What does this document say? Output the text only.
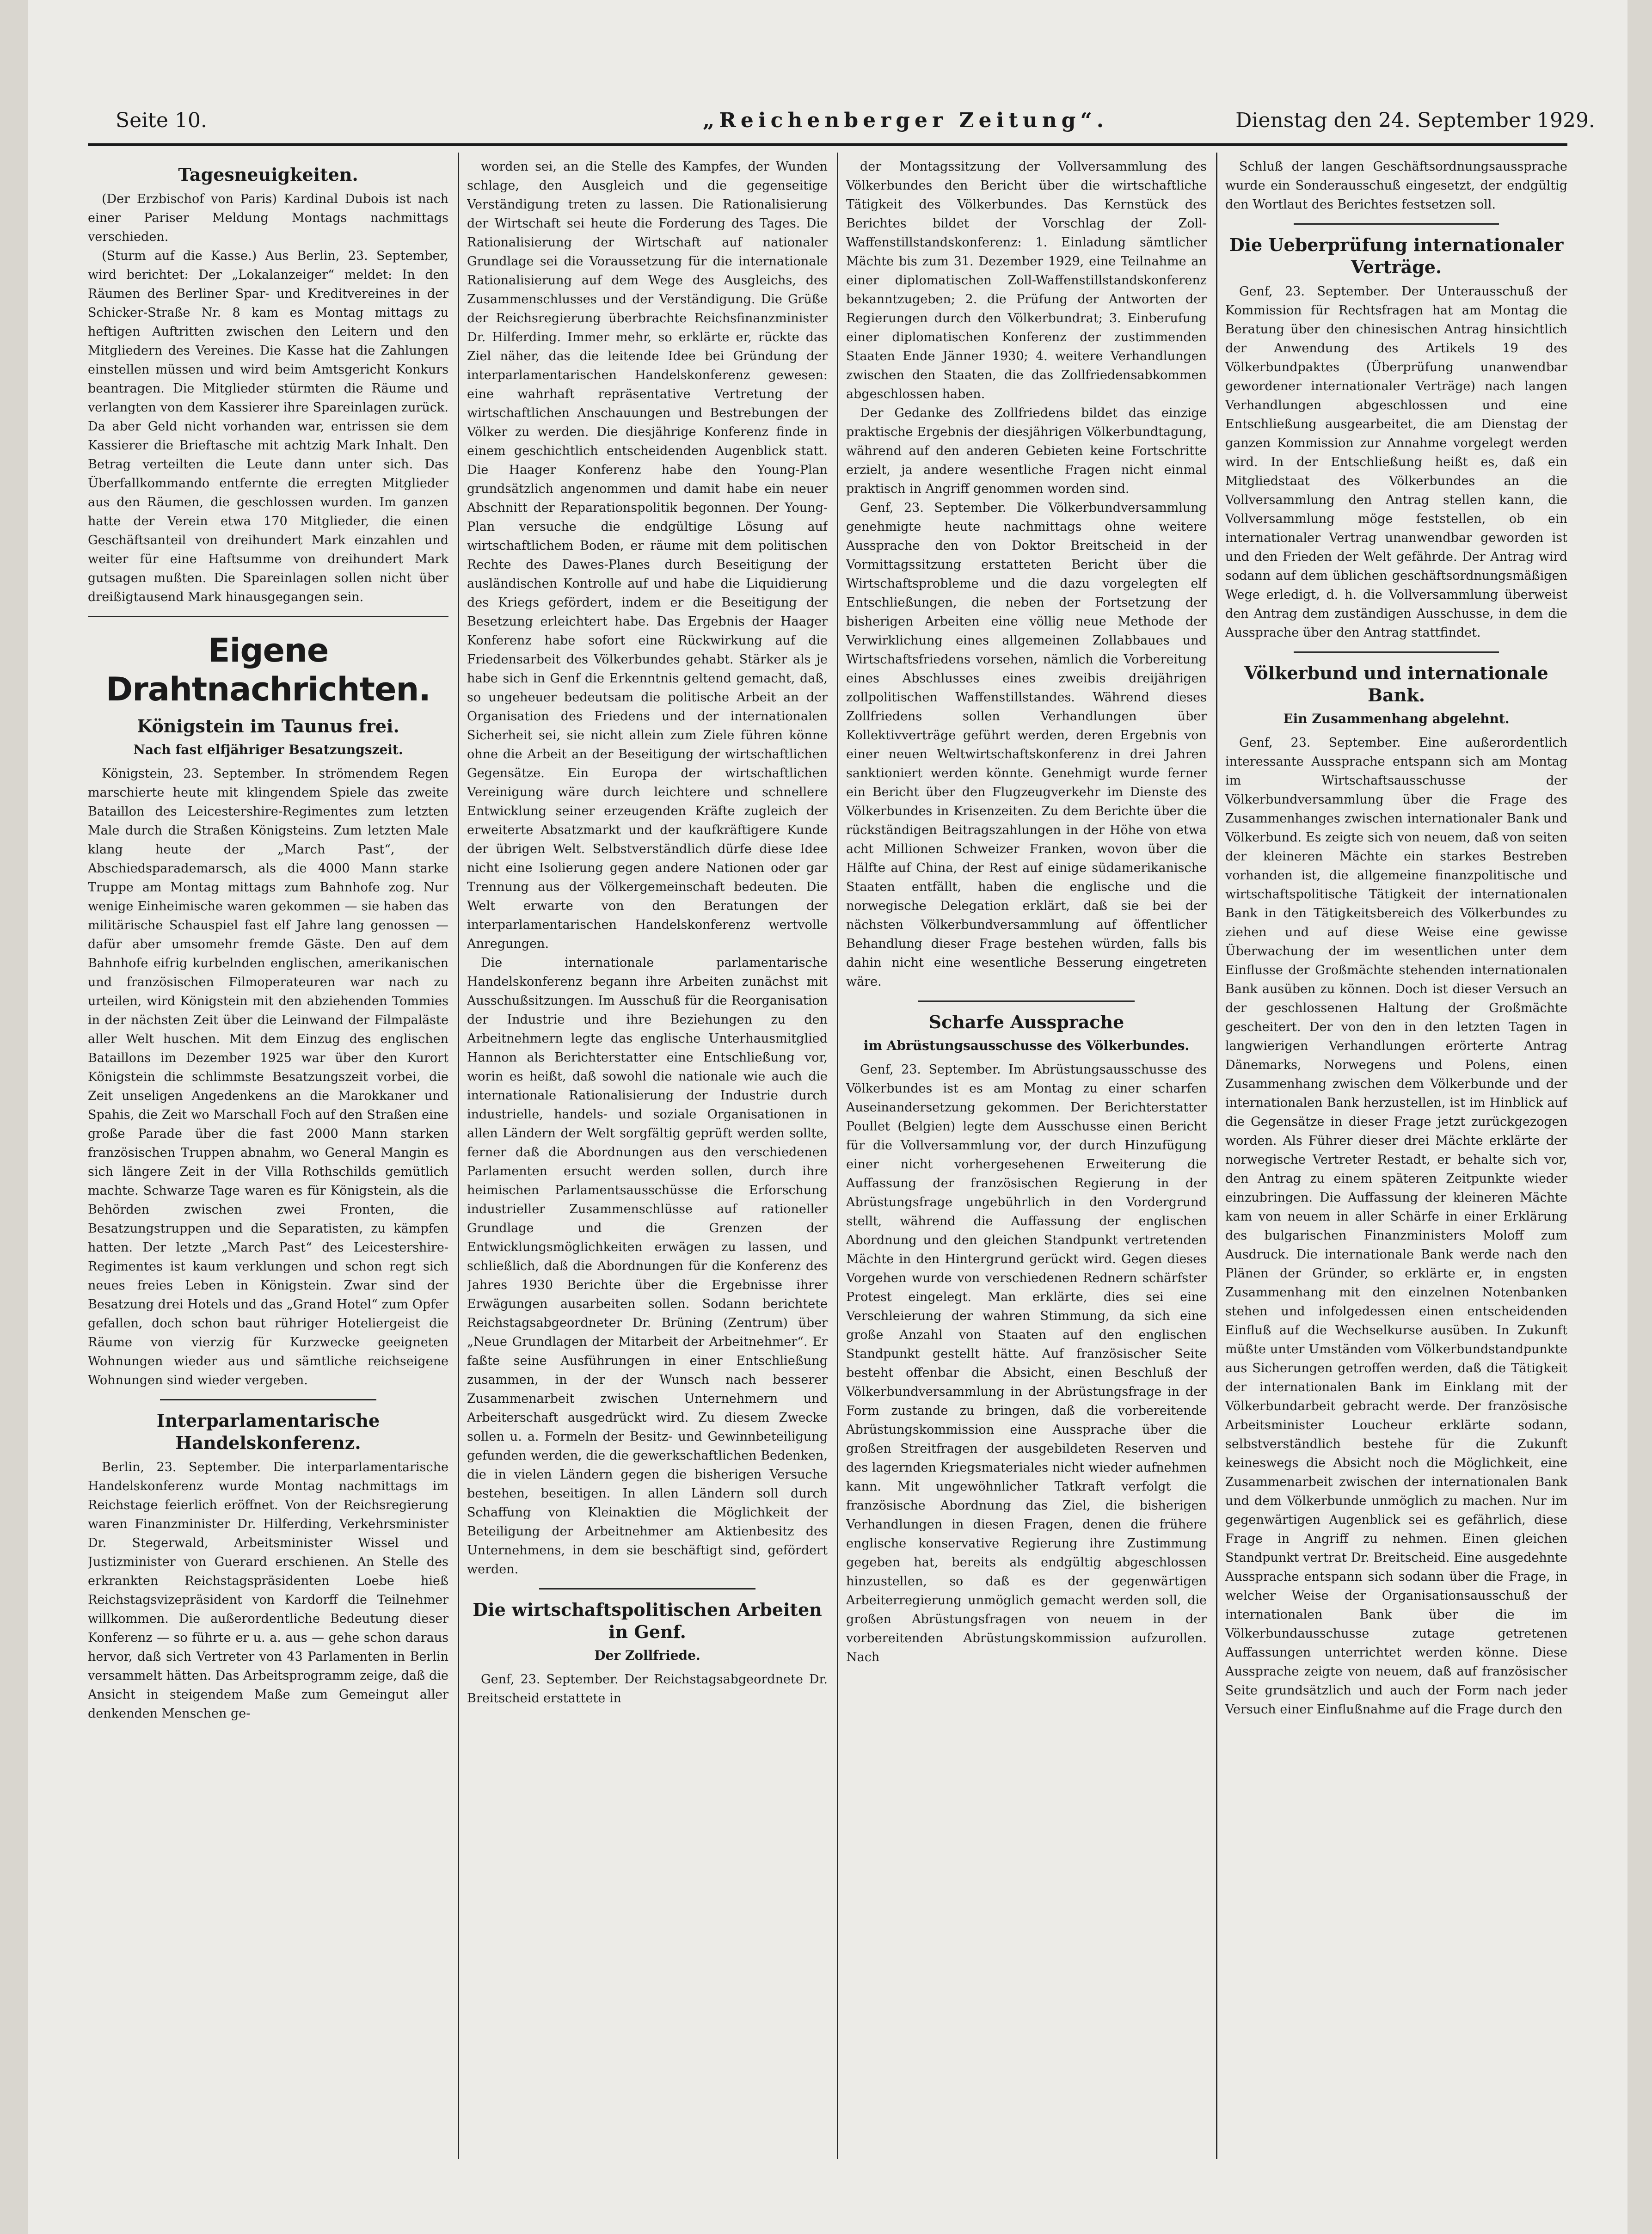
Seite 10.	„Reichenberger Zeitung“.	Dienstag den 24. September 1929.
Tagesneuigkeiten.

(Der Erzbischof von Paris) Kardinal Dubois ist nach einer Pariser Meldung Montags nachmittags verschieden.

(Sturm auf die Kasse.) Aus Berlin, 23. September, wird berichtet: Der „Lokalanzeiger“ meldet: In den Räumen des Berliner Spar- und Kreditvereines in der Schicker-Straße Nr. 8 kam es Montag mittags zu heftigen Auftritten zwischen den Leitern und den Mitgliedern des Vereines. Die Kasse hat die Zahlungen einstellen müssen und wird beim Amtsgericht Konkurs beantragen. Die Mitglieder stürmten die Räume und verlangten von dem Kassierer ihre Spareinlagen zurück. Da aber Geld nicht vorhanden war, entrissen sie dem Kassierer die Brieftasche mit achtzig Mark Inhalt. Den Betrag verteilten die Leute dann unter sich. Das Überfallkommando entfernte die erregten Mitglieder aus den Räumen, die geschlossen wurden. Im ganzen hatte der Verein etwa 170 Mitglieder, die einen Geschäftsanteil von dreihundert Mark einzahlen und weiter für eine Haftsumme von dreihundert Mark gutsagen mußten. Die Spareinlagen sollen nicht über dreißigtausend Mark hinausgegangen sein.

Eigene Drahtnachrichten.
Königstein im Taunus frei.
Nach fast elfjähriger Besatzungszeit.

Königstein, 23. September. In strömendem Regen marschierte heute mit klingendem Spiele das zweite Bataillon des Leicestershire-Regimentes zum letzten Male durch die Straßen Königsteins. Zum letzten Male klang heute der „March Past“, der Abschiedsparademarsch, als die 4000 Mann starke Truppe am Montag mittags zum Bahnhofe zog. Nur wenige Einheimische waren gekommen — sie haben das militärische Schauspiel fast elf Jahre lang genossen — dafür aber umsomehr fremde Gäste. Den auf dem Bahnhofe eifrig kurbelnden englischen, amerikanischen und französischen Filmoperateuren war nach zu urteilen, wird Königstein mit den abziehenden Tommies in der nächsten Zeit über die Leinwand der Filmpaläste aller Welt huschen. Mit dem Einzug des englischen Bataillons im Dezember 1925 war über den Kurort Königstein die schlimmste Besatzungszeit vorbei, die Zeit unseligen Angedenkens an die Marokkaner und Spahis, die Zeit wo Marschall Foch auf den Straßen eine große Parade über die fast 2000 Mann starken französischen Truppen abnahm, wo General Mangin es sich längere Zeit in der Villa Rothschilds gemütlich machte. Schwarze Tage waren es für Königstein, als die Behörden zwischen zwei Fronten, die Besatzungstruppen und die Separatisten, zu kämpfen hatten. Der letzte „March Past“ des Leicestershire-Regimentes ist kaum verklungen und schon regt sich neues freies Leben in Königstein. Zwar sind der Besatzung drei Hotels und das „Grand Hotel“ zum Opfer gefallen, doch schon baut rühriger Hoteliergeist die Räume von vierzig für Kurzwecke geeigneten Wohnungen wieder aus und sämtliche reichseigene Wohnungen sind wieder vergeben.

Interparlamentarische Handelskonferenz.

Berlin, 23. September. Die interparlamentarische Handelskonferenz wurde Montag nachmittags im Reichstage feierlich eröffnet. Von der Reichsregierung waren Finanzminister Dr. Hilferding, Verkehrsminister Dr. Stegerwald, Arbeitsminister Wissel und Justizminister von Guerard erschienen. An Stelle des erkrankten Reichstagspräsidenten Loebe hieß Reichstagsvizepräsident von Kardorff die Teilnehmer willkommen. Die außerordentliche Bedeutung dieser Konferenz — so führte er u. a. aus — gehe schon daraus hervor, daß sich Vertreter von 43 Parlamenten in Berlin versammelt hätten. Das Arbeitsprogramm zeige, daß die Ansicht in steigendem Maße zum Gemeingut aller denkenden Menschen ge-

worden sei, an die Stelle des Kampfes, der Wunden schlage, den Ausgleich und die gegenseitige Verständigung treten zu lassen. Die Rationalisierung der Wirtschaft sei heute die Forderung des Tages. Die Rationalisierung der Wirtschaft auf nationaler Grundlage sei die Voraussetzung für die internationale Rationalisierung auf dem Wege des Ausgleichs, des Zusammenschlusses und der Verständigung. Die Grüße der Reichsregierung überbrachte Reichsfinanzminister Dr. Hilferding. Immer mehr, so erklärte er, rückte das Ziel näher, das die leitende Idee bei Gründung der interparlamentarischen Handelskonferenz gewesen: eine wahrhaft repräsentative Vertretung der wirtschaftlichen Anschauungen und Bestrebungen der Völker zu werden. Die diesjährige Konferenz finde in einem geschichtlich entscheidenden Augenblick statt. Die Haager Konferenz habe den Young-Plan grundsätzlich angenommen und damit habe ein neuer Abschnitt der Reparationspolitik begonnen. Der Young-Plan versuche die endgültige Lösung auf wirtschaftlichem Boden, er räume mit dem politischen Rechte des Dawes-Planes durch Beseitigung der ausländischen Kontrolle auf und habe die Liquidierung des Kriegs gefördert, indem er die Beseitigung der Besetzung erleichtert habe. Das Ergebnis der Haager Konferenz habe sofort eine Rückwirkung auf die Friedensarbeit des Völkerbundes gehabt. Stärker als je habe sich in Genf die Erkenntnis geltend gemacht, daß, so ungeheuer bedeutsam die politische Arbeit an der Organisation des Friedens und der internationalen Sicherheit sei, sie nicht allein zum Ziele führen könne ohne die Arbeit an der Beseitigung der wirtschaftlichen Gegensätze. Ein Europa der wirtschaftlichen Vereinigung wäre durch leichtere und schnellere Entwicklung seiner erzeugenden Kräfte zugleich der erweiterte Absatzmarkt und der kaufkräftigere Kunde der übrigen Welt. Selbstverständlich dürfe diese Idee nicht eine Isolierung gegen andere Nationen oder gar Trennung aus der Völkergemeinschaft bedeuten. Die Welt erwarte von den Beratungen der interparlamentarischen Handelskonferenz wertvolle Anregungen.

Die internationale parlamentarische Handelskonferenz begann ihre Arbeiten zunächst mit Ausschußsitzungen. Im Ausschuß für die Reorganisation der Industrie und ihre Beziehungen zu den Arbeitnehmern legte das englische Unterhausmitglied Hannon als Berichterstatter eine Entschließung vor, worin es heißt, daß sowohl die nationale wie auch die internationale Rationalisierung der Industrie durch industrielle, handels- und soziale Organisationen in allen Ländern der Welt sorgfältig geprüft werden sollte, ferner daß die Abordnungen aus den verschiedenen Parlamenten ersucht werden sollen, durch ihre heimischen Parlamentsausschüsse die Erforschung industrieller Zusammenschlüsse auf rationeller Grundlage und die Grenzen der Entwicklungsmöglichkeiten erwägen zu lassen, und schließlich, daß die Abordnungen für die Konferenz des Jahres 1930 Berichte über die Ergebnisse ihrer Erwägungen ausarbeiten sollen. Sodann berichtete Reichstagsabgeordneter Dr. Brüning (Zentrum) über „Neue Grundlagen der Mitarbeit der Arbeitnehmer“. Er faßte seine Ausführungen in einer Entschließung zusammen, in der der Wunsch nach besserer Zusammenarbeit zwischen Unternehmern und Arbeiterschaft ausgedrückt wird. Zu diesem Zwecke sollen u. a. Formeln der Besitz- und Gewinnbeteiligung gefunden werden, die die gewerkschaftlichen Bedenken, die in vielen Ländern gegen die bisherigen Versuche bestehen, beseitigen. In allen Ländern soll durch Schaffung von Kleinaktien die Möglichkeit der Beteiligung der Arbeitnehmer am Aktienbesitz des Unternehmens, in dem sie beschäftigt sind, gefördert werden.

Die wirtschaftspolitischen Arbeiten in Genf.
Der Zollfriede.

Genf, 23. September. Der Reichstagsabgeordnete Dr. Breitscheid erstattete in

der Montagssitzung der Vollversammlung des Völkerbundes den Bericht über die wirtschaftliche Tätigkeit des Völkerbundes. Das Kernstück des Berichtes bildet der Vorschlag der Zoll-Waffenstillstandskonferenz: 1. Einladung sämtlicher Mächte bis zum 31. Dezember 1929, eine Teilnahme an einer diplomatischen Zoll-Waffenstillstandskonferenz bekanntzugeben; 2. die Prüfung der Antworten der Regierungen durch den Völkerbundrat; 3. Einberufung einer diplomatischen Konferenz der zustimmenden Staaten Ende Jänner 1930; 4. weitere Verhandlungen zwischen den Staaten, die das Zollfriedensabkommen abgeschlossen haben.

Der Gedanke des Zollfriedens bildet das einzige praktische Ergebnis der diesjährigen Völkerbundtagung, während auf den anderen Gebieten keine Fortschritte erzielt, ja andere wesentliche Fragen nicht einmal praktisch in Angriff genommen worden sind.

Genf, 23. September. Die Völkerbundversammlung genehmigte heute nachmittags ohne weitere Aussprache den von Doktor Breitscheid in der Vormittagssitzung erstatteten Bericht über die Wirtschaftsprobleme und die dazu vorgelegten elf Entschließungen, die neben der Fortsetzung der bisherigen Arbeiten eine völlig neue Methode der Verwirklichung eines allgemeinen Zollabbaues und Wirtschaftsfriedens vorsehen, nämlich die Vorbereitung eines Abschlusses eines zweibis dreijährigen zollpolitischen Waffenstillstandes. Während dieses Zollfriedens sollen Verhandlungen über Kollektivverträge geführt werden, deren Ergebnis von einer neuen Weltwirtschaftskonferenz in drei Jahren sanktioniert werden könnte. Genehmigt wurde ferner ein Bericht über den Flugzeugverkehr im Dienste des Völkerbundes in Krisenzeiten. Zu dem Berichte über die rückständigen Beitragszahlungen in der Höhe von etwa acht Millionen Schweizer Franken, wovon über die Hälfte auf China, der Rest auf einige südamerikanische Staaten entfällt, haben die englische und die norwegische Delegation erklärt, daß sie bei der nächsten Völkerbundversammlung auf öffentlicher Behandlung dieser Frage bestehen würden, falls bis dahin nicht eine wesentliche Besserung eingetreten wäre.

Scharfe Aussprache
im Abrüstungsausschusse des Völkerbundes.

Genf, 23. September. Im Abrüstungsausschusse des Völkerbundes ist es am Montag zu einer scharfen Auseinandersetzung gekommen. Der Berichterstatter Poullet (Belgien) legte dem Ausschusse einen Bericht für die Vollversammlung vor, der durch Hinzufügung einer nicht vorhergesehenen Erweiterung die Auffassung der französischen Regierung in der Abrüstungsfrage ungebührlich in den Vordergrund stellt, während die Auffassung der englischen Abordnung und den gleichen Standpunkt vertretenden Mächte in den Hintergrund gerückt wird. Gegen dieses Vorgehen wurde von verschiedenen Rednern schärfster Protest eingelegt. Man erklärte, dies sei eine Verschleierung der wahren Stimmung, da sich eine große Anzahl von Staaten auf den englischen Standpunkt gestellt hätte. Auf französischer Seite besteht offenbar die Absicht, einen Beschluß der Völkerbundversammlung in der Abrüstungsfrage in der Form zustande zu bringen, daß die vorbereitende Abrüstungskommission eine Aussprache über die großen Streitfragen der ausgebildeten Reserven und des lagernden Kriegsmateriales nicht wieder aufnehmen kann. Mit ungewöhnlicher Tatkraft verfolgt die französische Abordnung das Ziel, die bisherigen Verhandlungen in diesen Fragen, denen die frühere englische konservative Regierung ihre Zustimmung gegeben hat, bereits als endgültig abgeschlossen hinzustellen, so daß es der gegenwärtigen Arbeiterregierung unmöglich gemacht werden soll, die großen Abrüstungsfragen von neuem in der vorbereitenden Abrüstungskommission aufzurollen. Nach

Schluß der langen Geschäftsordnungsaussprache wurde ein Sonderausschuß eingesetzt, der endgültig den Wortlaut des Berichtes festsetzen soll.

Die Ueberprüfung internationaler Verträge.

Genf, 23. September. Der Unterausschuß der Kommission für Rechtsfragen hat am Montag die Beratung über den chinesischen Antrag hinsichtlich der Anwendung des Artikels 19 des Völkerbundpaktes (Überprüfung unanwendbar gewordener internationaler Verträge) nach langen Verhandlungen abgeschlossen und eine Entschließung ausgearbeitet, die am Dienstag der ganzen Kommission zur Annahme vorgelegt werden wird. In der Entschließung heißt es, daß ein Mitgliedstaat des Völkerbundes an die Vollversammlung den Antrag stellen kann, die Vollversammlung möge feststellen, ob ein internationaler Vertrag unanwendbar geworden ist und den Frieden der Welt gefährde. Der Antrag wird sodann auf dem üblichen geschäftsordnungsmäßigen Wege erledigt, d. h. die Vollversammlung überweist den Antrag dem zuständigen Ausschusse, in dem die Aussprache über den Antrag stattfindet.

Völkerbund und internationale Bank.
Ein Zusammenhang abgelehnt.

Genf, 23. September. Eine außerordentlich interessante Aussprache entspann sich am Montag im Wirtschaftsausschusse der Völkerbundversammlung über die Frage des Zusammenhanges zwischen internationaler Bank und Völkerbund. Es zeigte sich von neuem, daß von seiten der kleineren Mächte ein starkes Bestreben vorhanden ist, die allgemeine finanzpolitische und wirtschaftspolitische Tätigkeit der internationalen Bank in den Tätigkeitsbereich des Völkerbundes zu ziehen und auf diese Weise eine gewisse Überwachung der im wesentlichen unter dem Einflusse der Großmächte stehenden internationalen Bank ausüben zu können. Doch ist dieser Versuch an der geschlossenen Haltung der Großmächte gescheitert. Der von den in den letzten Tagen in langwierigen Verhandlungen erörterte Antrag Dänemarks, Norwegens und Polens, einen Zusammenhang zwischen dem Völkerbunde und der internationalen Bank herzustellen, ist im Hinblick auf die Gegensätze in dieser Frage jetzt zurückgezogen worden. Als Führer dieser drei Mächte erklärte der norwegische Vertreter Restadt, er behalte sich vor, den Antrag zu einem späteren Zeitpunkte wieder einzubringen. Die Auffassung der kleineren Mächte kam von neuem in aller Schärfe in einer Erklärung des bulgarischen Finanzministers Moloff zum Ausdruck. Die internationale Bank werde nach den Plänen der Gründer, so erklärte er, in engsten Zusammenhang mit den einzelnen Notenbanken stehen und infolgedessen einen entscheidenden Einfluß auf die Wechselkurse ausüben. In Zukunft müßte unter Umständen vom Völkerbundstandpunkte aus Sicherungen getroffen werden, daß die Tätigkeit der internationalen Bank im Einklang mit der Völkerbundarbeit gebracht werde. Der französische Arbeitsminister Loucheur erklärte sodann, selbstverständlich bestehe für die Zukunft keineswegs die Absicht noch die Möglichkeit, eine Zusammenarbeit zwischen der internationalen Bank und dem Völkerbunde unmöglich zu machen. Nur im gegenwärtigen Augenblick sei es gefährlich, diese Frage in Angriff zu nehmen. Einen gleichen Standpunkt vertrat Dr. Breitscheid. Eine ausgedehnte Aussprache entspann sich sodann über die Frage, in welcher Weise der Organisationsausschuß der internationalen Bank über die im Völkerbundausschusse zutage getretenen Auffassungen unterrichtet werden könne. Diese Aussprache zeigte von neuem, daß auf französischer Seite grundsätzlich und auch der Form nach jeder Versuch einer Einflußnahme auf die Frage durch den
